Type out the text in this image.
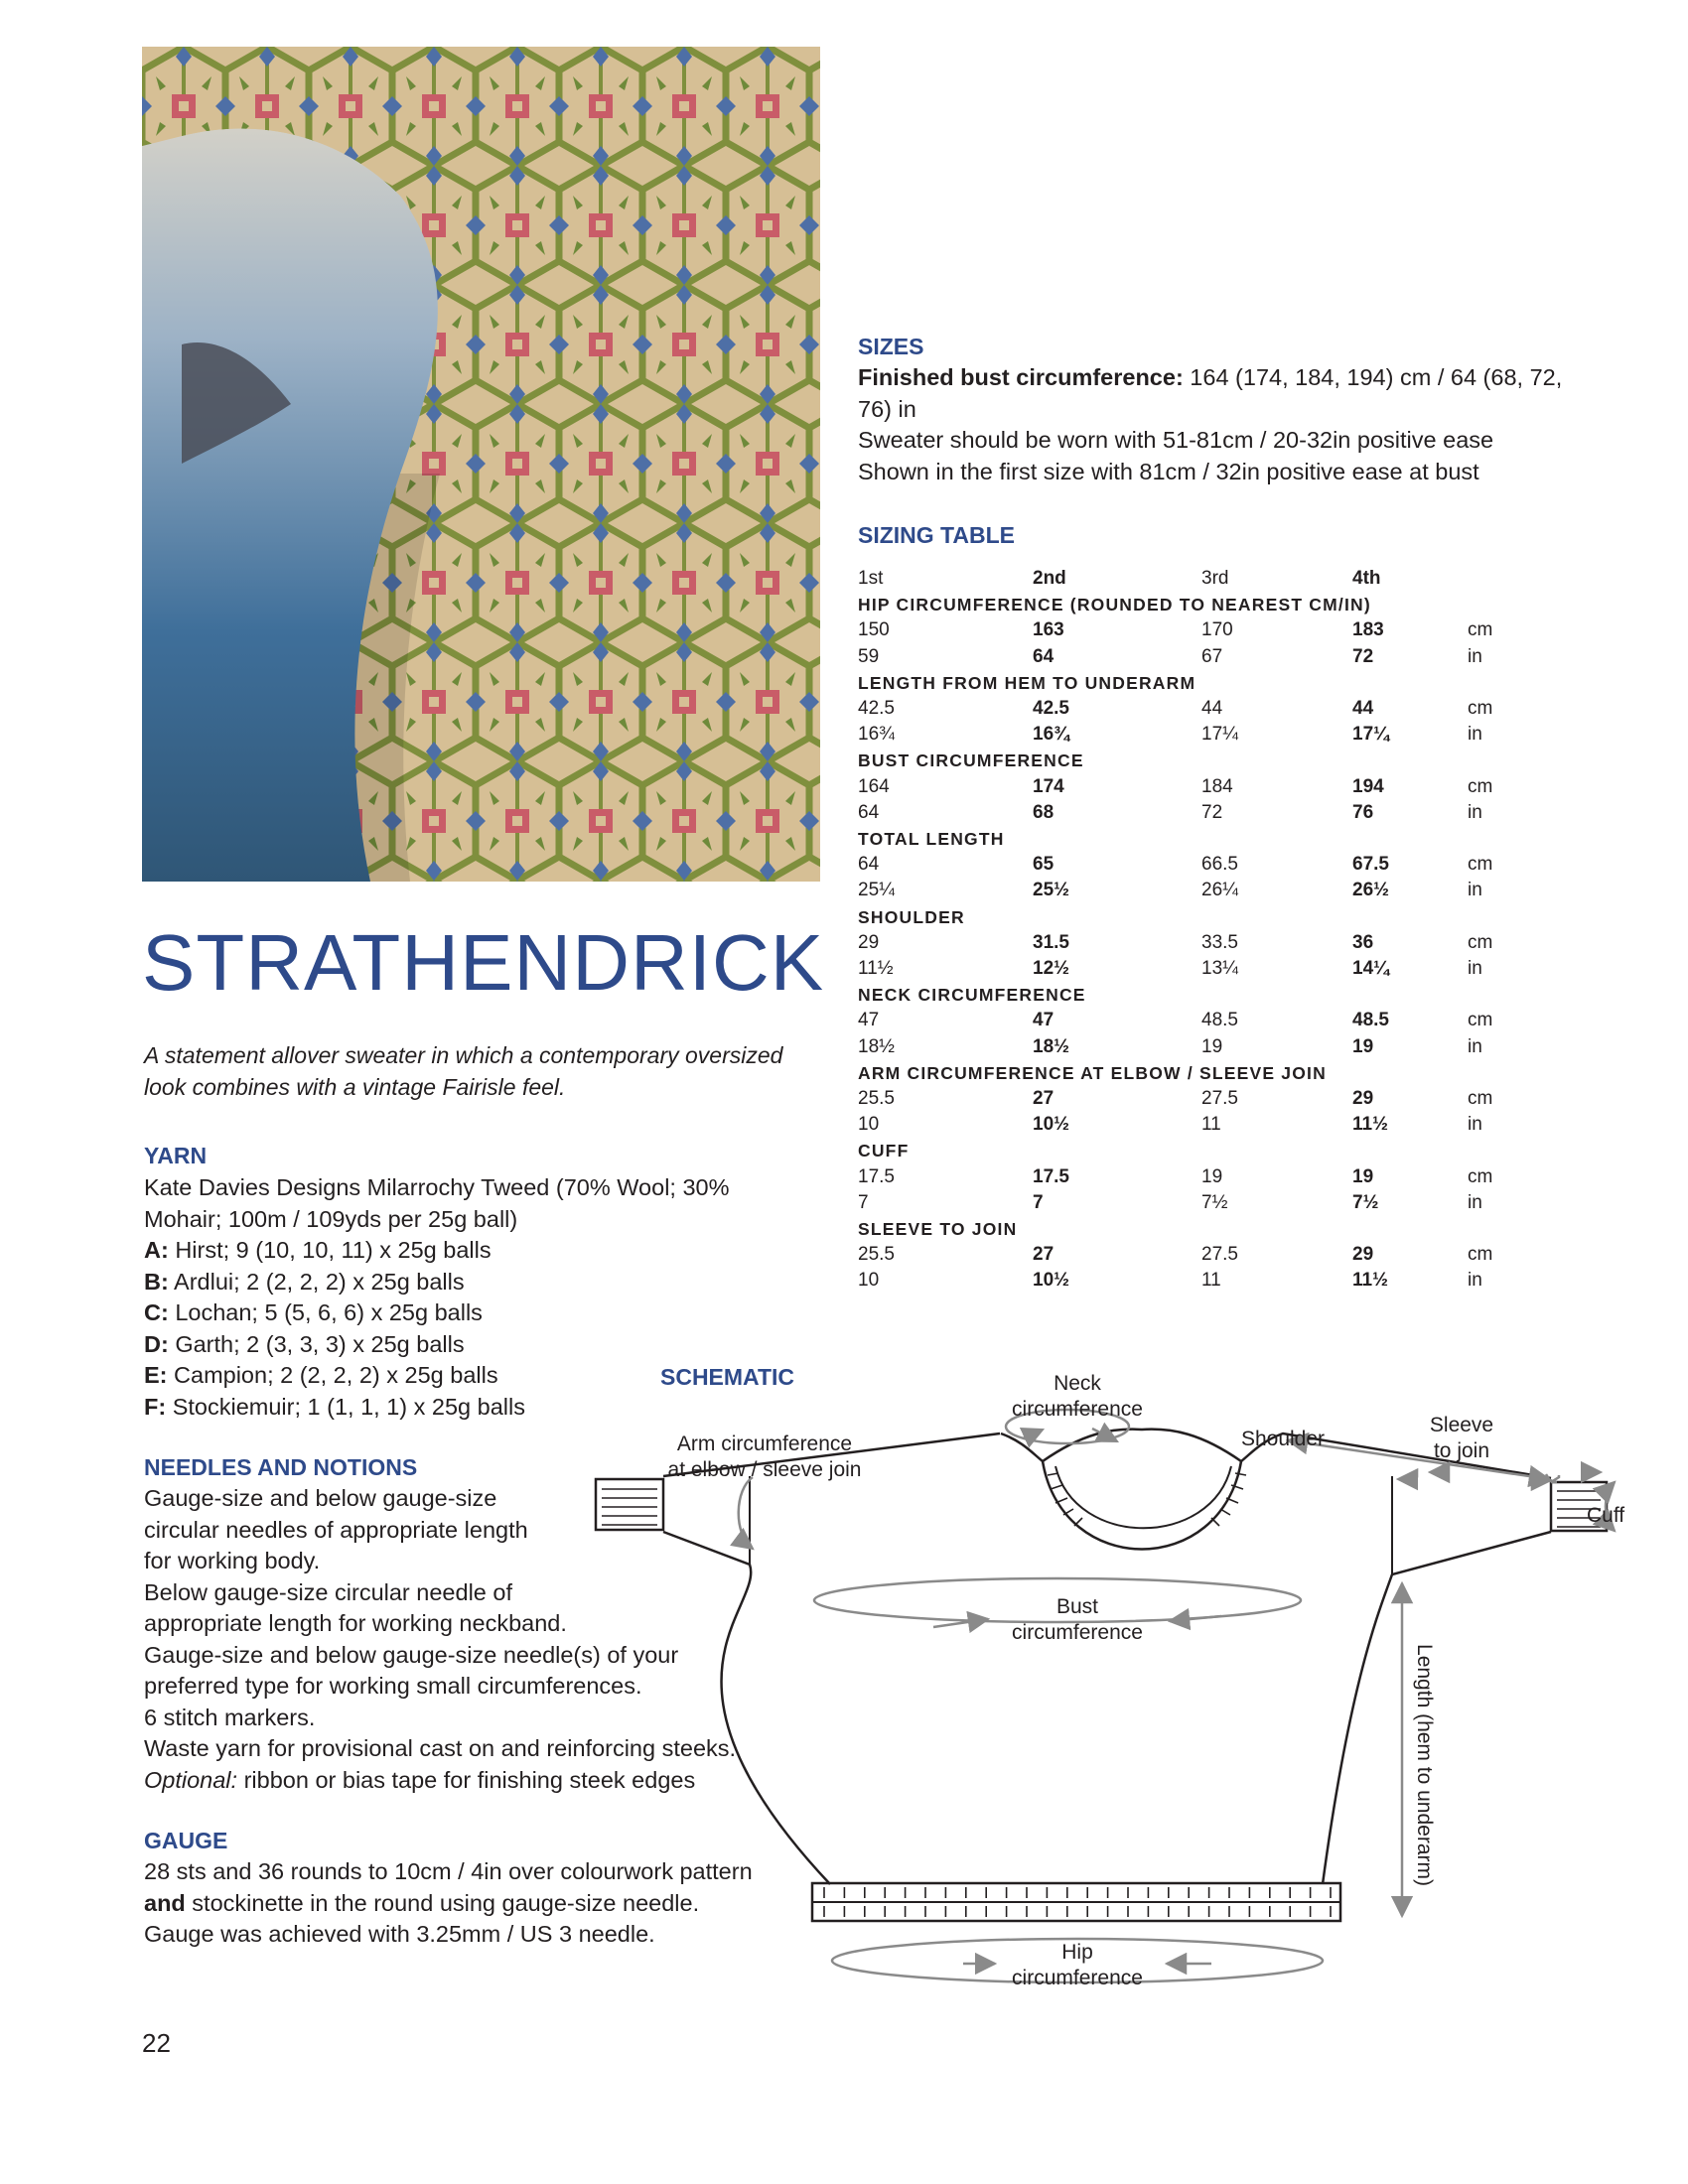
STRATHENDRICK
A statement allover sweater in which a contemporary oversized look combines with a vintage Fairisle feel.
YARN
Kate Davies Designs Milarrochy Tweed (70% Wool; 30% Mohair; 100m / 109yds per 25g ball)
A: Hirst; 9 (10, 10, 11) x 25g balls
B: Ardlui; 2 (2, 2, 2) x 25g balls
C: Lochan; 5 (5, 6, 6) x 25g balls
D: Garth; 2 (3, 3, 3) x 25g balls
E: Campion; 2 (2, 2, 2) x 25g balls
F: Stockiemuir; 1 (1, 1, 1) x 25g balls
NEEDLES AND NOTIONS
Gauge-size and below gauge-size
circular needles of appropriate length
for working body.
Below gauge-size circular needle of
appropriate length for working neckband.
Gauge-size and below gauge-size needle(s) of your
preferred type for working small circumferences.
6 stitch markers.
Waste yarn for provisional cast on and reinforcing steeks.
Optional: ribbon or bias tape for finishing steek edges
GAUGE
28 sts and 36 rounds to 10cm / 4in over colourwork pattern
and stockinette in the round using gauge-size needle.
Gauge was achieved with 3.25mm / US 3 needle.
SIZES
Finished bust circumference: 164 (174, 184, 194) cm / 64 (68, 72, 76) in
Sweater should be worn with 51-81cm / 20-32in positive ease
Shown in the first size with 81cm / 32in positive ease at bust
SIZING TABLE
1st	2nd	3rd	4th	
HIP CIRCUMFERENCE (ROUNDED TO NEAREST CM/IN)				
150	163	170	183	cm
59	64	67	72	in
LENGTH FROM HEM TO UNDERARM				
42.5	42.5	44	44	cm
16¾	16¾	17¼	17¼	in
BUST CIRCUMFERENCE				
164	174	184	194	cm
64	68	72	76	in
TOTAL LENGTH				
64	65	66.5	67.5	cm
25¼	25½	26¼	26½	in
SHOULDER				
29	31.5	33.5	36	cm
11½	12½	13¼	14¼	in
NECK CIRCUMFERENCE				
47	47	48.5	48.5	cm
18½	18½	19	19	in
ARM CIRCUMFERENCE AT ELBOW / SLEEVE JOIN				
25.5	27	27.5	29	cm
10	10½	11	11½	in
CUFF				
17.5	17.5	19	19	cm
7	7	7½	7½	in
SLEEVE TO JOIN				
25.5	27	27.5	29	cm
10	10½	11	11½	in
SCHEMATIC	Neck
circumference
Arm circumference
at elbow / sleeve join
Shoulder
Sleeve
to join
Cuff
Bust
circumference
Length (hem to underarm)
Hip
circumference
22
